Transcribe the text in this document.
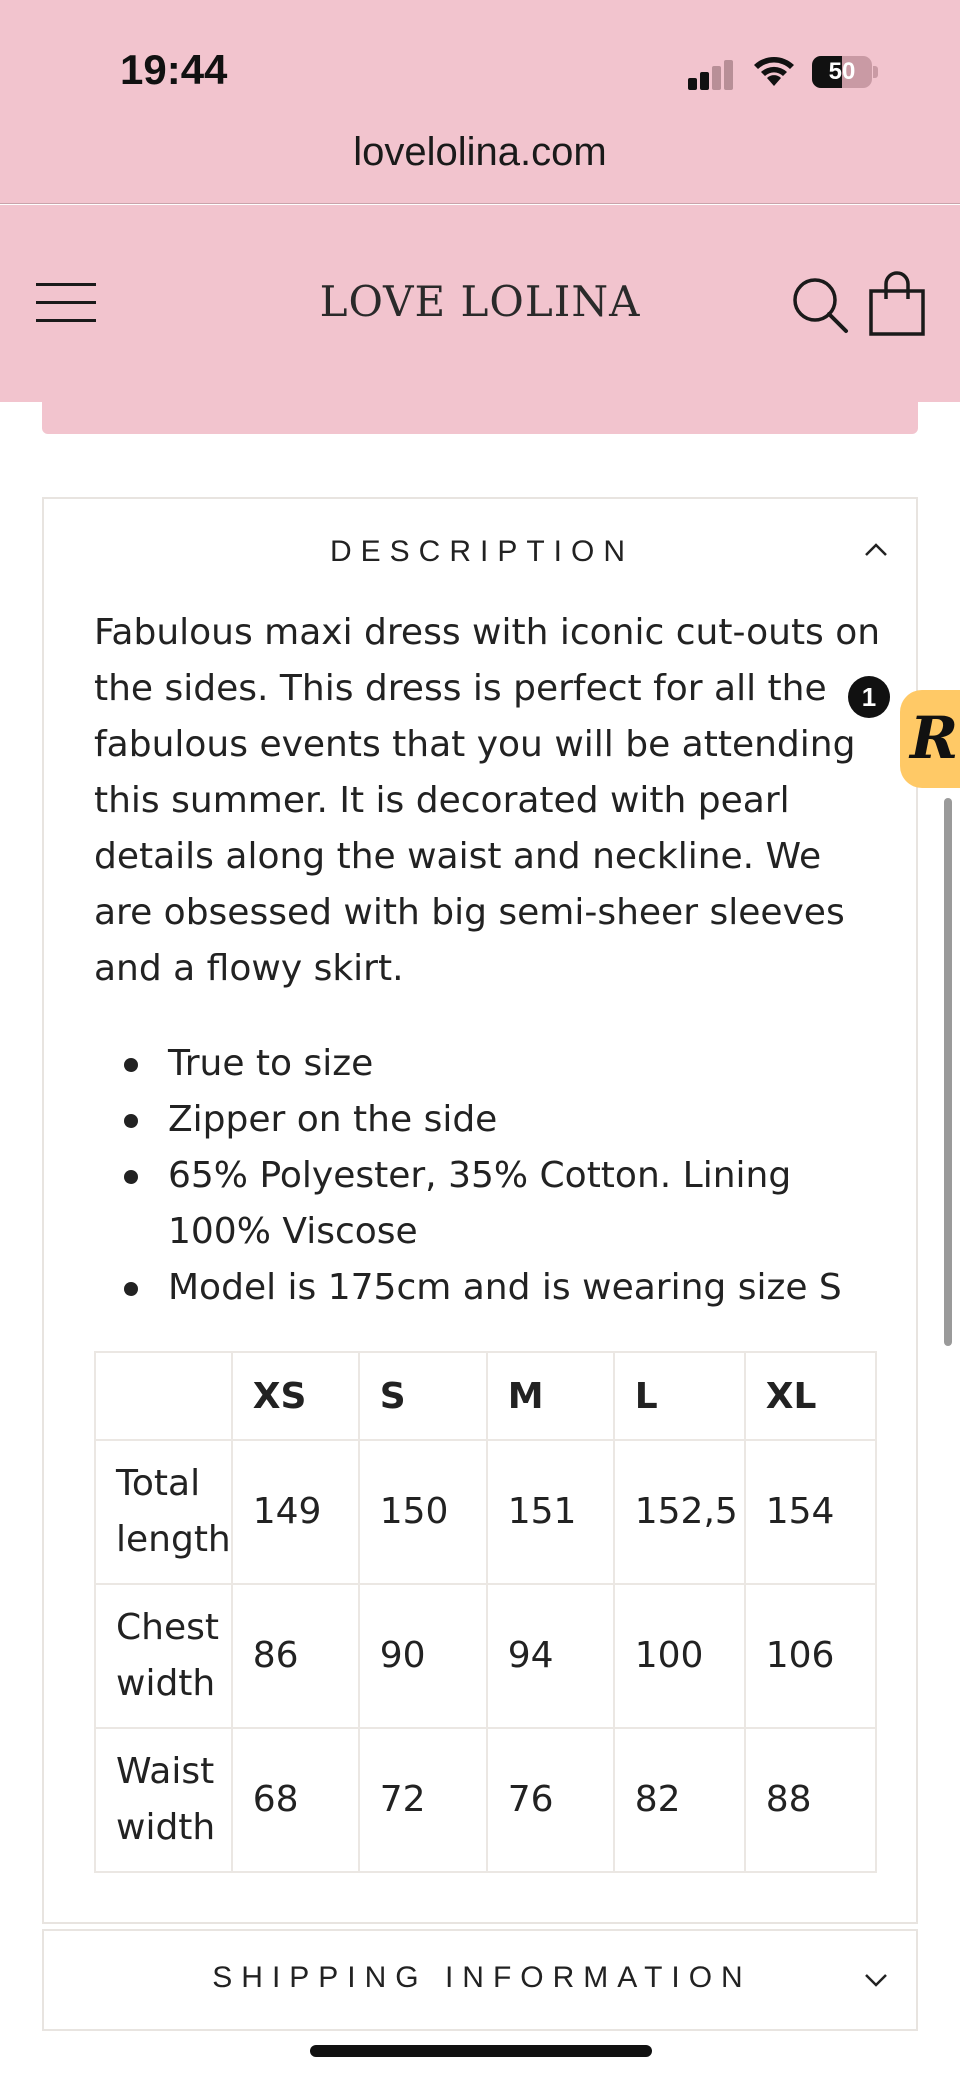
19:44	50
lovelolina.com
LOVE LOLINA
DESCRIPTION

Fabulous maxi dress with iconic cut-outs on the sides. This dress is perfect for all the fabulous events that you will be attending this summer. It is decorated with pearl details along the waist and neckline. We are obsessed with big semi-sheer sleeves and a flowy skirt.

True to size
Zipper on the side
65% Polyester, 35% Cotton. Lining 100% Viscose
Model is 175cm and is wearing size S
	XS	S	M	L	XL
Total length	149	150	151	152,5	154
Chest width	86	90	94	100	106
Waist width	68	72	76	82	88
SHIPPING INFORMATION
R
1
